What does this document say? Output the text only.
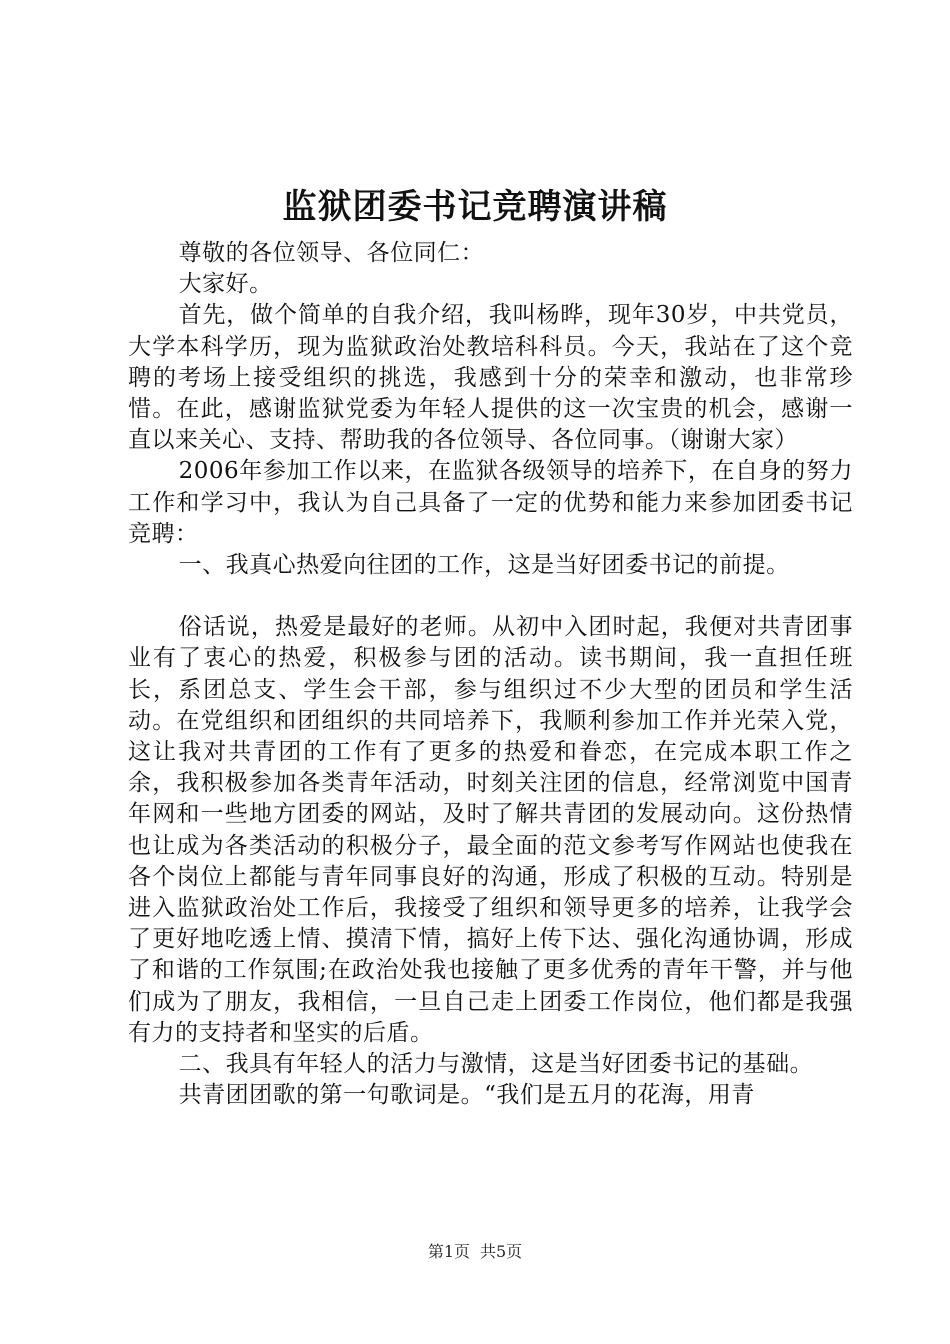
监狱团委书记竞聘演讲稿

尊敬的各位领导、各位同仁：

大家好。

首先，做个简单的自我介绍，我叫杨晔，现年30岁，中共党员，大学本科学历，现为监狱政治处教培科科员。今天，我站在了这个竞聘的考场上接受组织的挑选，我感到十分的荣幸和激动，也非常珍惜。在此，感谢监狱党委为年轻人提供的这一次宝贵的机会，感谢一直以来关心、支持、帮助我的各位领导、各位同事。（谢谢大家）

2006年参加工作以来，在监狱各级领导的培养下，在自身的努力工作和学习中，我认为自己具备了一定的优势和能力来参加团委书记竞聘：

一、我真心热爱向往团的工作，这是当好团委书记的前提。

俗话说，热爱是最好的老师。从初中入团时起，我便对共青团事业有了衷心的热爱，积极参与团的活动。读书期间，我一直担任班长，系团总支、学生会干部，参与组织过不少大型的团员和学生活动。在党组织和团组织的共同培养下，我顺利参加工作并光荣入党，这让我对共青团的工作有了更多的热爱和眷恋，在完成本职工作之余，我积极参加各类青年活动，时刻关注团的信息，经常浏览中国青年网和一些地方团委的网站，及时了解共青团的发展动向。这份热情也让成为各类活动的积极分子，最全面的范文参考写作网站也使我在各个岗位上都能与青年同事良好的沟通，形成了积极的互动。特别是进入监狱政治处工作后，我接受了组织和领导更多的培养，让我学会了更好地吃透上情、摸清下情，搞好上传下达、强化沟通协调，形成了和谐的工作氛围;在政治处我也接触了更多优秀的青年干警，并与他们成为了朋友，我相信，一旦自己走上团委工作岗位，他们都是我强有力的支持者和坚实的后盾。

二、我具有年轻人的活力与激情，这是当好团委书记的基础。

共青团团歌的第一句歌词是。“我们是五月的花海，用青

第1页 共5页
